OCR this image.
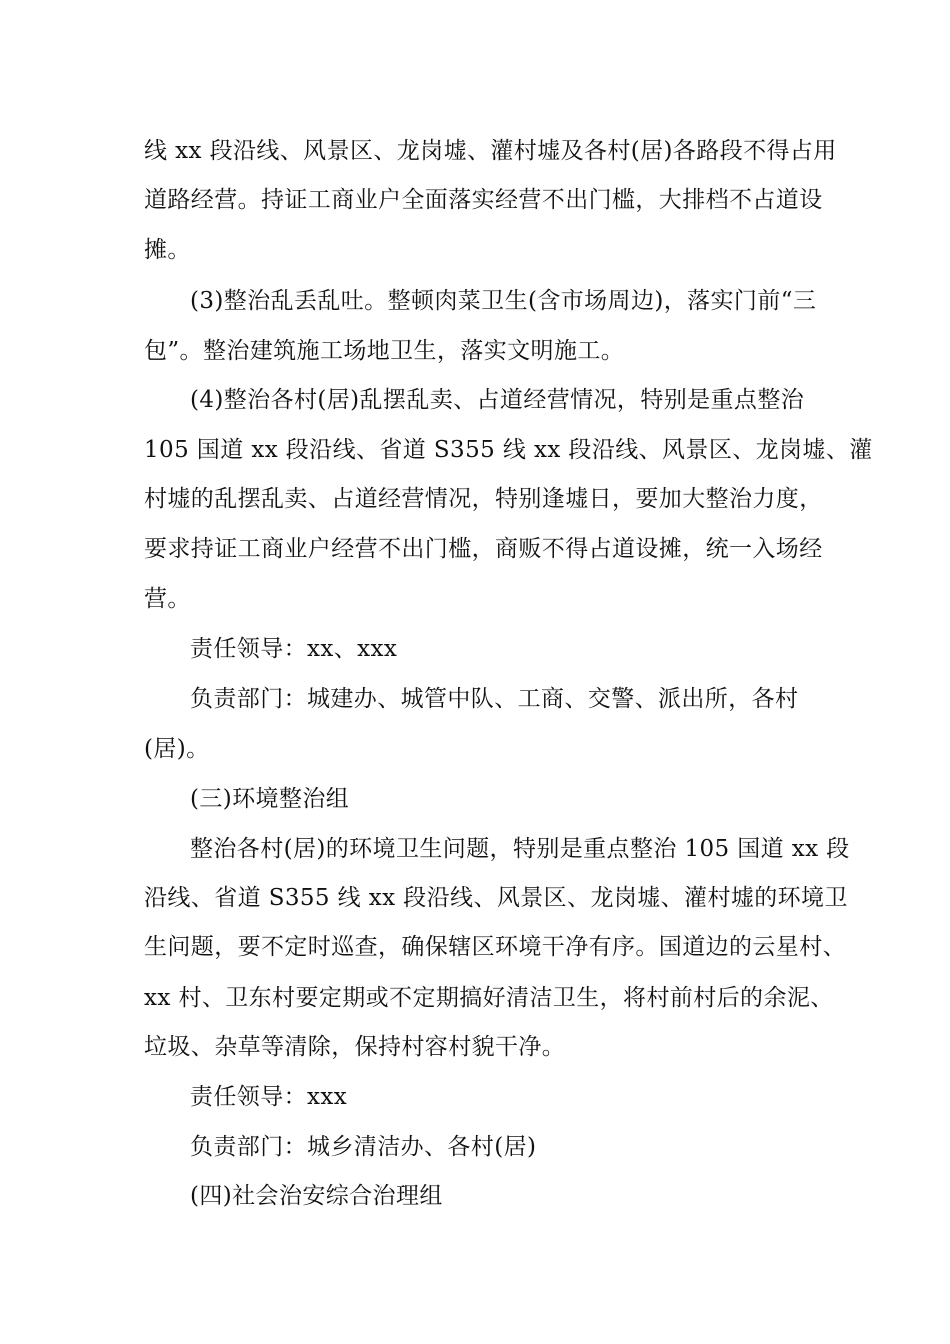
线 xx 段沿线、风景区、龙岗墟、灌村墟及各村(居)各路段不得占用
道路经营。持证工商业户全面落实经营不出门槛，大排档不占道设
摊。
(3)整治乱丢乱吐。整顿肉菜卫生(含市场周边)，落实门前“三
包”。整治建筑施工场地卫生，落实文明施工。
(4)整治各村(居)乱摆乱卖、占道经营情况，特别是重点整治
105 国道 xx 段沿线、省道 S355 线 xx 段沿线、风景区、龙岗墟、灌
村墟的乱摆乱卖、占道经营情况，特别逢墟日，要加大整治力度，
要求持证工商业户经营不出门槛，商贩不得占道设摊，统一入场经
营。
责任领导：xx、xxx
负责部门：城建办、城管中队、工商、交警、派出所，各村
(居)。
(三)环境整治组
整治各村(居)的环境卫生问题，特别是重点整治 105 国道 xx 段
沿线、省道 S355 线 xx 段沿线、风景区、龙岗墟、灌村墟的环境卫
生问题，要不定时巡查，确保辖区环境干净有序。国道边的云星村、
xx 村、卫东村要定期或不定期搞好清洁卫生，将村前村后的余泥、
垃圾、杂草等清除，保持村容村貌干净。
责任领导：xxx
负责部门：城乡清洁办、各村(居)
(四)社会治安综合治理组
